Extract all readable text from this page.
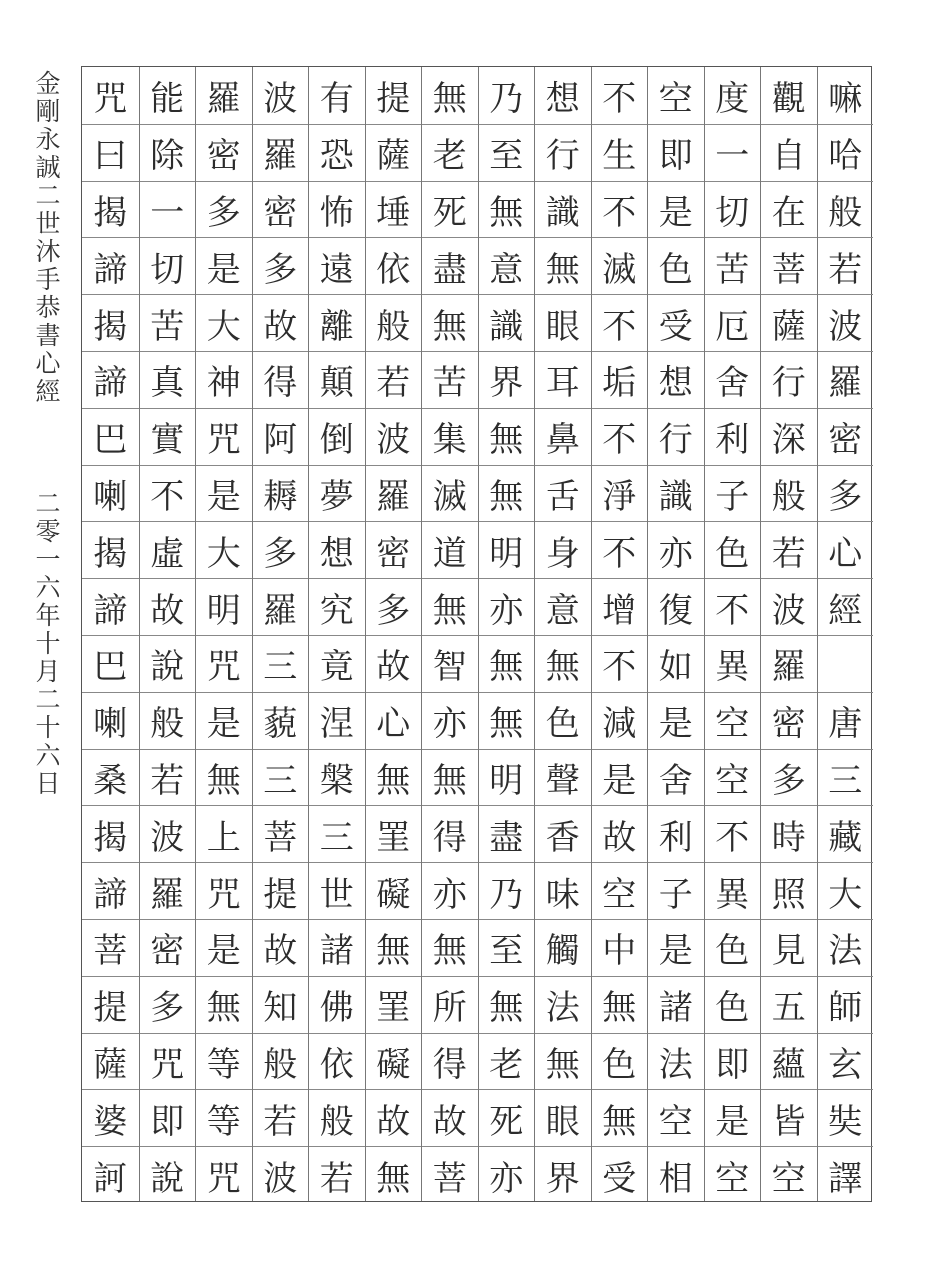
金
剛
永
誠
二
世
沐
手
恭
書
心
經
二
零
一
六
年
十
月
二
十
六
日
嘛
哈
般
若
波
羅
密
多
心
經
唐
三
藏
大
法
師
玄
奘
譯
觀
自
在
菩
薩
行
深
般
若
波
羅
密
多
時
照
見
五
蘊
皆
空
度
一
切
苦
厄
舍
利
子
色
不
異
空
空
不
異
色
色
即
是
空
空
即
是
色
受
想
行
識
亦
復
如
是
舍
利
子
是
諸
法
空
相
不
生
不
滅
不
垢
不
淨
不
增
不
減
是
故
空
中
無
色
無
受
想
行
識
無
眼
耳
鼻
舌
身
意
無
色
聲
香
味
觸
法
無
眼
界
乃
至
無
意
識
界
無
無
明
亦
無
無
明
盡
乃
至
無
老
死
亦
無
老
死
盡
無
苦
集
滅
道
無
智
亦
無
得
亦
無
所
得
故
菩
提
薩
埵
依
般
若
波
羅
密
多
故
心
無
罣
礙
無
罣
礙
故
無
有
恐
怖
遠
離
顛
倒
夢
想
究
竟
涅
槃
三
世
諸
佛
依
般
若
波
羅
密
多
故
得
阿
耨
多
羅
三
藐
三
菩
提
故
知
般
若
波
羅
密
多
是
大
神
咒
是
大
明
咒
是
無
上
咒
是
無
等
等
咒
能
除
一
切
苦
真
實
不
虛
故
說
般
若
波
羅
密
多
咒
即
說
咒
曰
揭
諦
揭
諦
巴
喇
揭
諦
巴
喇
桑
揭
諦
菩
提
薩
婆
訶
